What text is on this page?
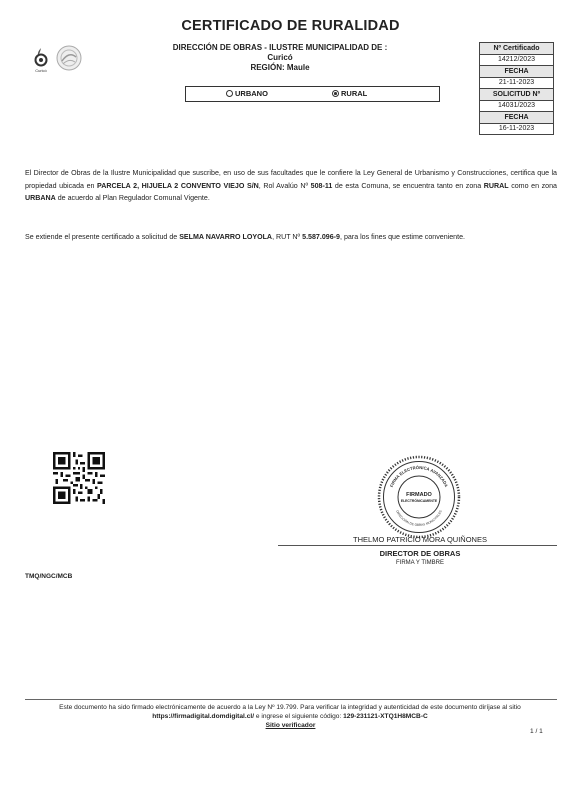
CERTIFICADO DE RURALIDAD
Curicó
DIRECCIÓN DE OBRAS - ILUSTRE MUNICIPALIDAD DE :
Curicó
REGIÓN: Maule
URBANO	RURAL
Nº Certificado
14212/2023
FECHA
21-11-2023
SOLICITUD Nº
14031/2023
FECHA
16-11-2023
El Director de Obras de la Ilustre Municipalidad que suscribe, en uso de sus facultades que le confiere la Ley General de Urbanismo y Construcciones, certifica que la propiedad ubicada en PARCELA 2, HIJUELA 2 CONVENTO VIEJO S/N, Rol Avalúo Nº 508-11 de esta Comuna, se encuentra tanto en zona RURAL como en zona URBANA de acuerdo al Plan Regulador Comunal Vigente.
Se extiende el presente certificado a solicitud de SELMA NAVARRO LOYOLA, RUT Nº 5.587.096-9, para los fines que estime conveniente.
FIRMA ELECTRÓNICA AVANZADA
DIRECCIÓN DE OBRAS MUNICIPALES
FIRMADO
ELECTRÓNICAMENTE
THELMO PATRICIO MORA QUIÑONES
DIRECTOR DE OBRAS
FIRMA Y TIMBRE
TMQ/NGC/MCB
Este documento ha sido firmado electrónicamente de acuerdo a la Ley Nº 19.799. Para verificar la integridad y autenticidad de este documento diríjase al sitio https://firmadigital.domdigital.cl/ e ingrese el siguiente código: 129-231121-XTQ1H8MCB-C
Sitio verificador
1 / 1
